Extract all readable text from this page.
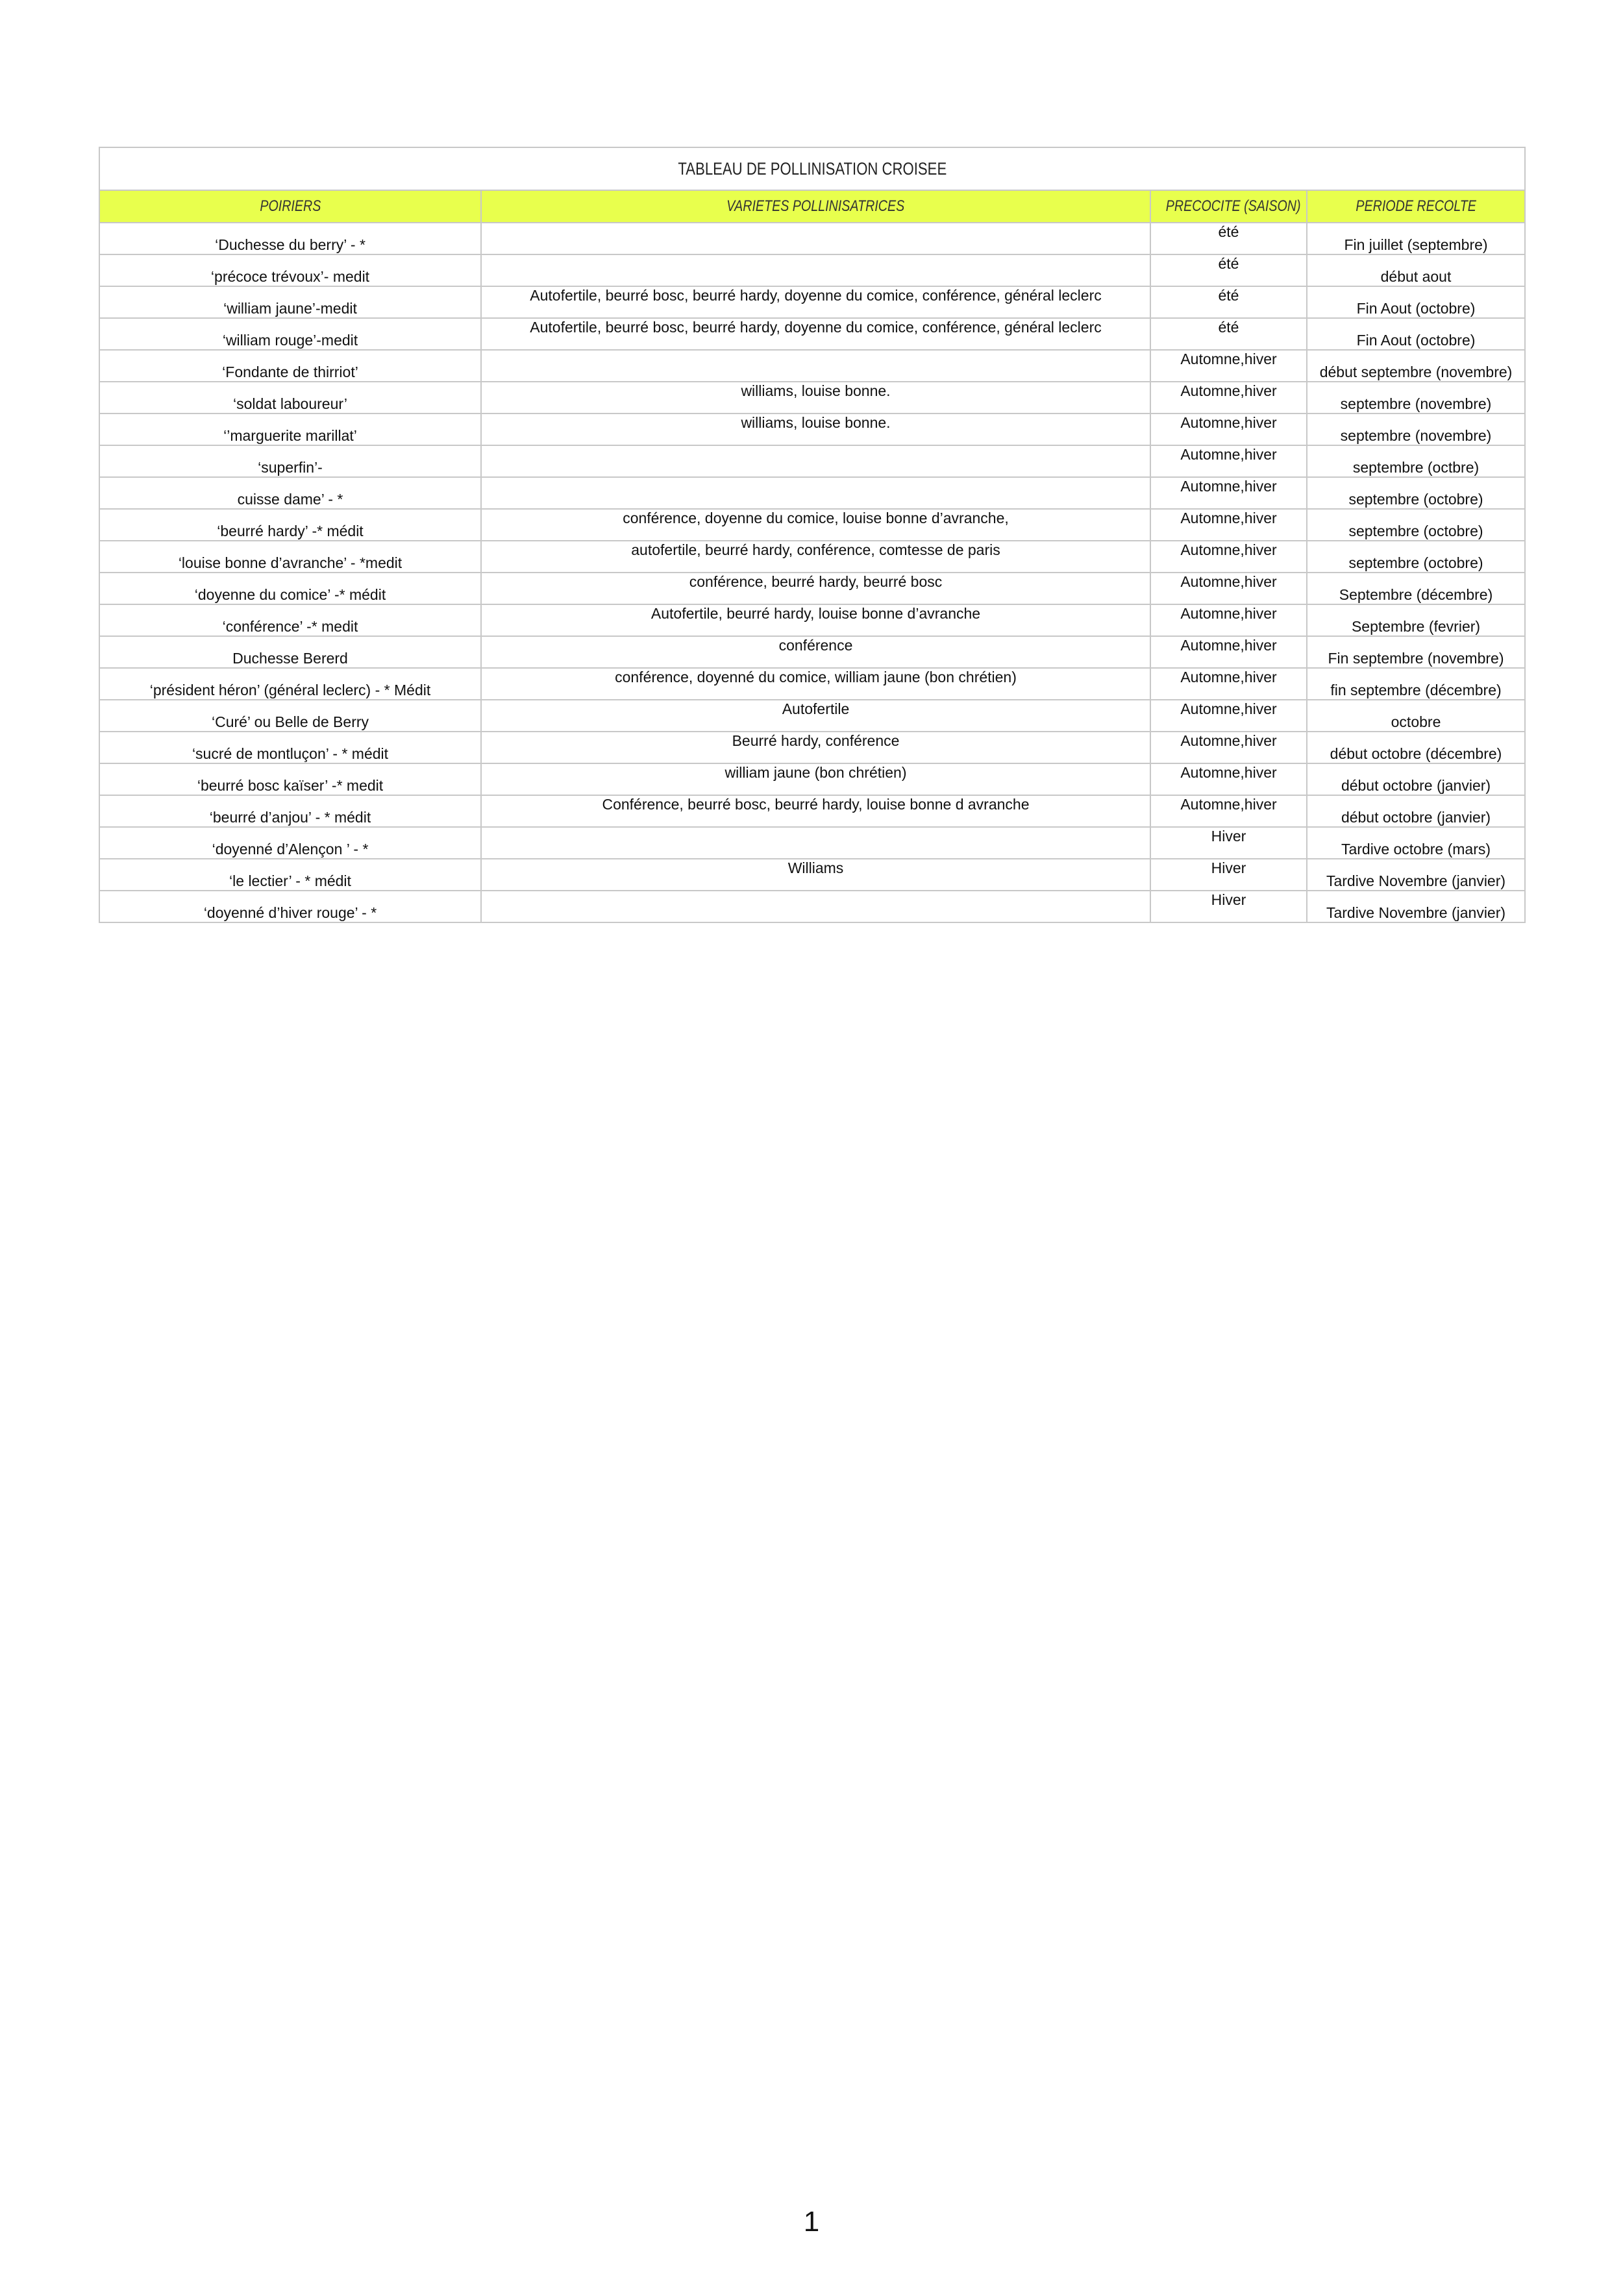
TABLEAU DE POLLINISATION CROISEE			
POIRIERS	VARIETES POLLINISATRICES	PRECOCITE (SAISON)	PERIODE RECOLTE
‘Duchesse du berry’ - *		été	Fin juillet (septembre)
‘précoce trévoux’- medit		été	début aout
‘william jaune’-medit	Autofertile, beurré bosc, beurré hardy, doyenne du comice, conférence, général leclerc	été	Fin Aout (octobre)
‘william rouge’-medit	Autofertile, beurré bosc, beurré hardy, doyenne du comice, conférence, général leclerc	été	Fin Aout (octobre)
‘Fondante de thirriot’		Automne,hiver	début septembre (novembre)
‘soldat laboureur’	williams, louise bonne.	Automne,hiver	septembre (novembre)
‘’marguerite marillat’	williams, louise bonne.	Automne,hiver	septembre (novembre)
‘superfin’-		Automne,hiver	septembre (octbre)
cuisse dame’ - *		Automne,hiver	septembre (octobre)
‘beurré hardy’ -* médit	conférence, doyenne du comice, louise bonne d’avranche,	Automne,hiver	septembre (octobre)
‘louise bonne d’avranche’ - *medit	autofertile, beurré hardy, conférence, comtesse de paris	Automne,hiver	septembre (octobre)
‘doyenne du comice’ -* médit	conférence, beurré hardy, beurré bosc	Automne,hiver	Septembre (décembre)
‘conférence’ -* medit	Autofertile, beurré hardy, louise bonne d’avranche	Automne,hiver	Septembre (fevrier)
Duchesse Bererd	conférence	Automne,hiver	Fin septembre (novembre)
‘président héron’ (général leclerc) - * Médit	conférence, doyenné du comice, william jaune (bon chrétien)	Automne,hiver	fin septembre (décembre)
‘Curé’ ou Belle de Berry	Autofertile	Automne,hiver	octobre
‘sucré de montluçon’ - * médit	Beurré hardy, conférence	Automne,hiver	début octobre (décembre)
‘beurré bosc kaïser’ -* medit	william jaune (bon chrétien)	Automne,hiver	début octobre (janvier)
‘beurré d’anjou’ - * médit	Conférence, beurré bosc, beurré hardy, louise bonne d avranche	Automne,hiver	début octobre (janvier)
‘doyenné d’Alençon ’ - *		Hiver	Tardive octobre (mars)
‘le lectier’ - * médit	Williams	Hiver	Tardive Novembre (janvier)
‘doyenné d’hiver rouge’ - *		Hiver	Tardive Novembre (janvier)
1
